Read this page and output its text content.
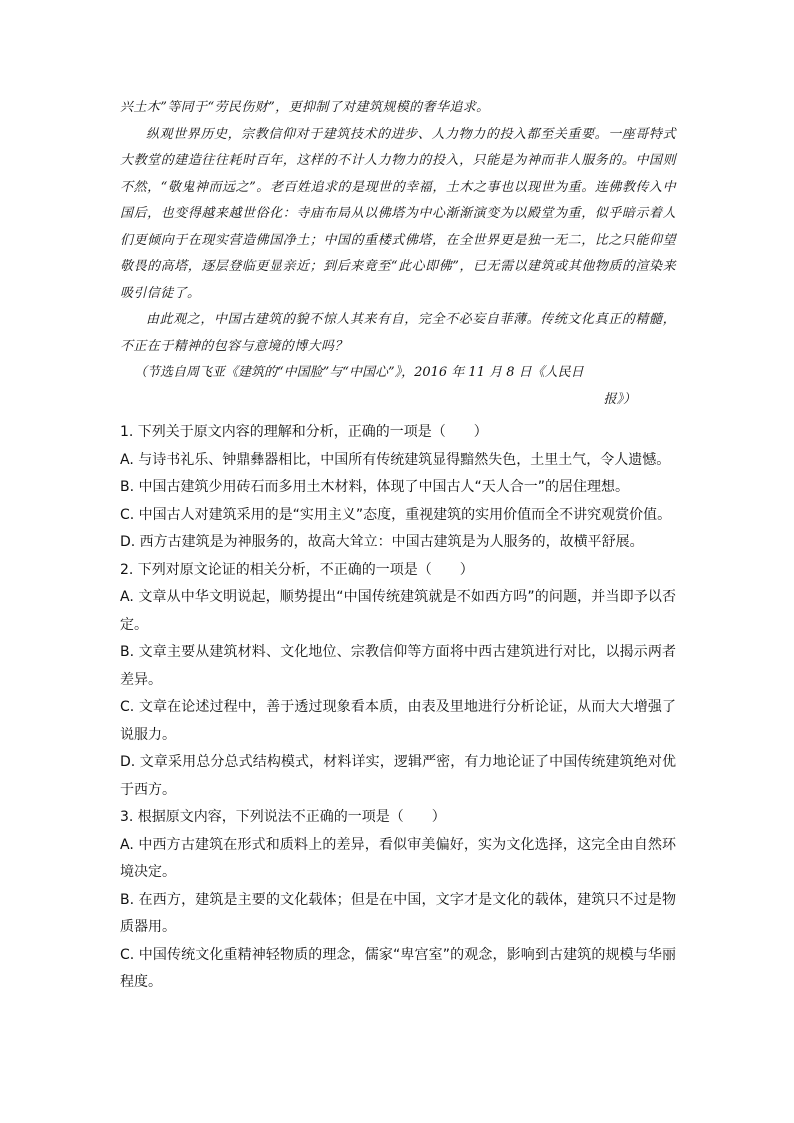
兴土木”等同于“劳民伤财”，更抑制了对建筑规模的奢华追求。

纵观世界历史，宗教信仰对于建筑技术的进步、人力物力的投入都至关重要。一座哥特式大教堂的建造往往耗时百年，这样的不计人力物力的投入，只能是为神而非人服务的。中国则不然，“敬鬼神而远之”。老百姓追求的是现世的幸福，土木之事也以现世为重。连佛教传入中国后，也变得越来越世俗化：寺庙布局从以佛塔为中心渐渐演变为以殿堂为重，似乎暗示着人们更倾向于在现实营造佛国净土；中国的重楼式佛塔，在全世界更是独一无二，比之只能仰望敬畏的高塔，逐层登临更显亲近；到后来竟至“此心即佛”，已无需以建筑或其他物质的渲染来吸引信徒了。

由此观之，中国古建筑的貌不惊人其来有自，完全不必妄自菲薄。传统文化真正的精髓，不正在于精神的包容与意境的博大吗？

（节选自周飞亚《建筑的“中国脸”与“中国心”》，2016 年 11 月 8 日《人民日
报》）

1. 下列关于原文内容的理解和分析，正确的一项是（　　）

A. 与诗书礼乐、钟鼎彝器相比，中国所有传统建筑显得黯然失色，土里土气，令人遗憾。

B. 中国古建筑少用砖石而多用土木材料，体现了中国古人“天人合一”的居住理想。

C. 中国古人对建筑采用的是“实用主义”态度，重视建筑的实用价值而全不讲究观赏价值。

D. 西方古建筑是为神服务的，故高大耸立：中国古建筑是为人服务的，故横平舒展。

2. 下列对原文论证的相关分析，不正确的一项是（　　）

A. 文章从中华文明说起，顺势提出“中国传统建筑就是不如西方吗”的问题，并当即予以否定。

B. 文章主要从建筑材料、文化地位、宗教信仰等方面将中西古建筑进行对比，以揭示两者差异。

C. 文章在论述过程中，善于透过现象看本质，由表及里地进行分析论证，从而大大增强了说服力。

D. 文章采用总分总式结构模式，材料详实，逻辑严密，有力地论证了中国传统建筑绝对优于西方。

3. 根据原文内容，下列说法不正确的一项是（　　）

A. 中西方古建筑在形式和质料上的差异，看似审美偏好，实为文化选择，这完全由自然环境决定。

B. 在西方，建筑是主要的文化载体；但是在中国，文字才是文化的载体，建筑只不过是物质器用。

C. 中国传统文化重精神轻物质的理念，儒家“卑宫室”的观念，影响到古建筑的规模与华丽程度。
